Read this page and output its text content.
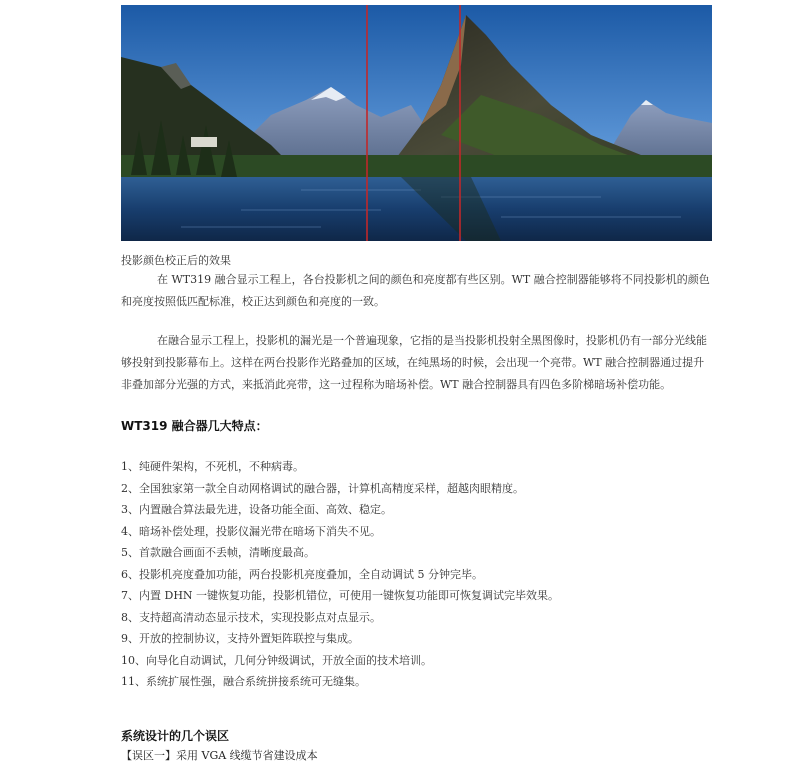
投影颜色校正后的效果

在 WT319 融合显示工程上，各台投影机之间的颜色和亮度都有些区别。WT 融合控制器能够将不同投影机的颜色和亮度按照低匹配标准，校正达到颜色和亮度的一致。

在融合显示工程上，投影机的漏光是一个普遍现象，它指的是当投影机投射全黑图像时，投影机仍有一部分光线能够投射到投影幕布上。这样在两台投影作光路叠加的区域，在纯黑场的时候，会出现一个亮带。WT 融合控制器通过提升非叠加部分光强的方式，来抵消此亮带，这一过程称为暗场补偿。WT 融合控制器具有四色多阶梯暗场补偿功能。

WT319 融合器几大特点：
1、纯硬件架构，不死机，不种病毒。
2、全国独家第一款全自动网格调试的融合器，计算机高精度采样，超越肉眼精度。
3、内置融合算法最先进，设备功能全面、高效、稳定。
4、暗场补偿处理，投影仪漏光带在暗场下消失不见。
5、首款融合画面不丢帧，清晰度最高。
6、投影机亮度叠加功能，两台投影机亮度叠加，全自动调试 5 分钟完毕。
7、内置 DHN 一键恢复功能，投影机错位，可使用一键恢复功能即可恢复调试完毕效果。
8、支持超高清动态显示技术，实现投影点对点显示。
9、开放的控制协议，支持外置矩阵联控与集成。
10、向导化自动调试，几何分钟级调试，开放全面的技术培训。
11、系统扩展性强，融合系统拼接系统可无缝集。
系统设计的几个误区
【误区一】采用 VGA 线缆节省建设成本
